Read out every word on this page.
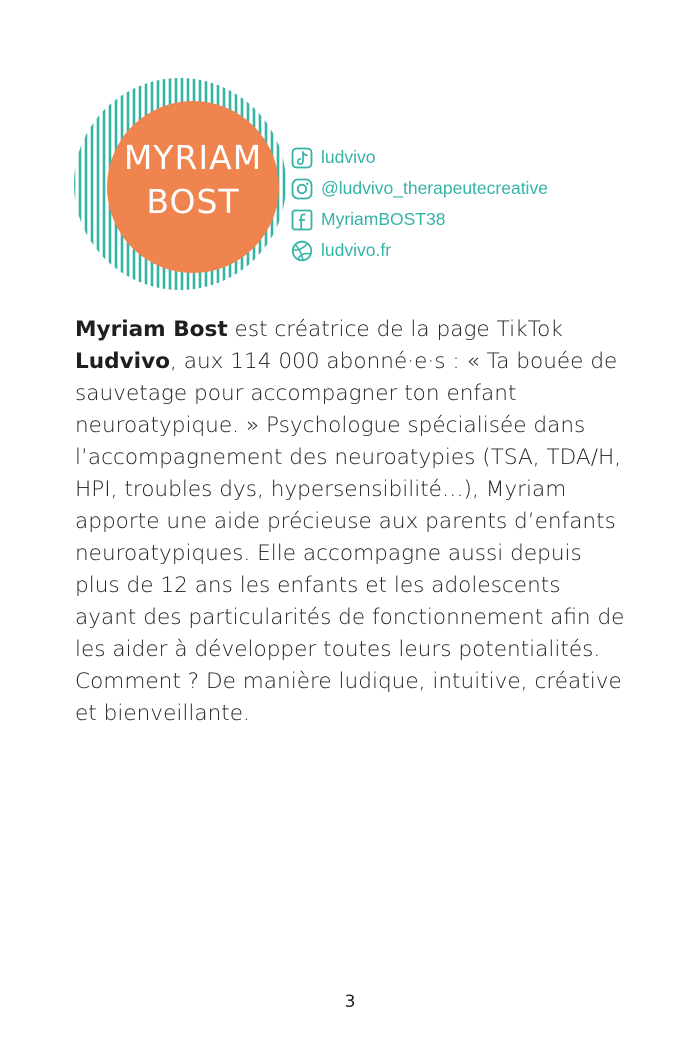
MYRIAM
BOST
ludvivo
@ludvivo_therapeutecreative
MyriamBOST38
ludvivo.fr

Myriam Bost est créatrice de la page TikTok Ludvivo, aux 114 000 abonné·e·s : « Ta bouée de sauvetage pour accompagner ton enfant neuroatypique. » Psychologue spécialisée dans l’accompagnement des neuroatypies (TSA, TDA/H, HPI, troubles dys, hypersensibilité…), Myriam apporte une aide précieuse aux parents d’enfants neuroatypiques. Elle accompagne aussi depuis plus de 12 ans les enfants et les adolescents ayant des particularités de fonctionnement afin de les aider à développer toutes leurs potentialités. Comment ? De manière ludique, intuitive, créative et bienveillante.

3
